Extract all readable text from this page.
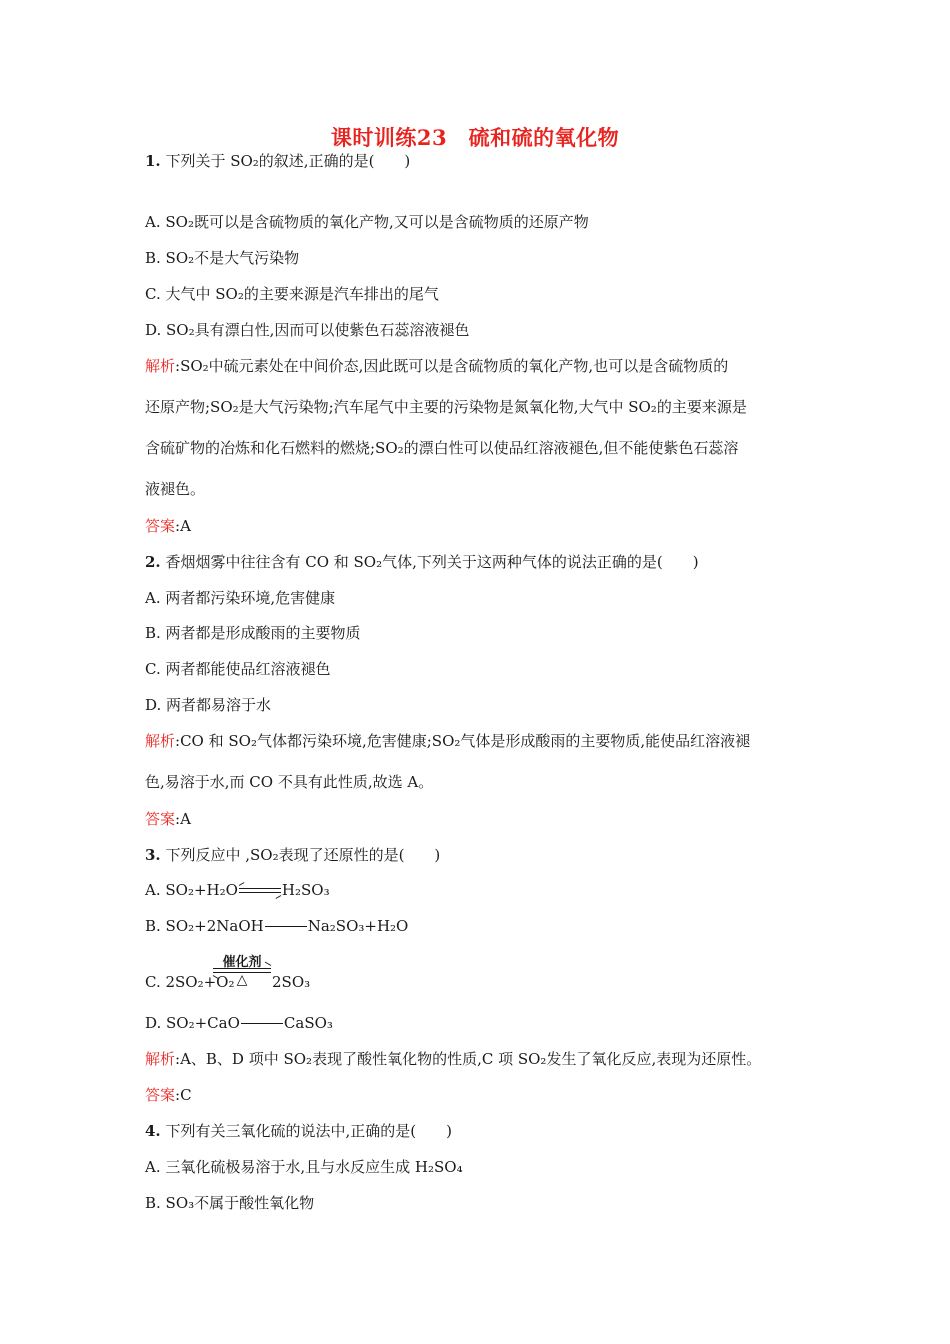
课时训练23　硫和硫的氧化物
1. 下列关于 SO₂的叙述,正确的是(　　)
A. SO₂既可以是含硫物质的氧化产物,又可以是含硫物质的还原产物
B. SO₂不是大气污染物
C. 大气中 SO₂的主要来源是汽车排出的尾气
D. SO₂具有漂白性,因而可以使紫色石蕊溶液褪色
解析:SO₂中硫元素处在中间价态,因此既可以是含硫物质的氧化产物,也可以是含硫物质的
还原产物;SO₂是大气污染物;汽车尾气中主要的污染物是氮氧化物,大气中 SO₂的主要来源是
含硫矿物的冶炼和化石燃料的燃烧;SO₂的漂白性可以使品红溶液褪色,但不能使紫色石蕊溶
液褪色。
答案:A
2. 香烟烟雾中往往含有 CO 和 SO₂气体,下列关于这两种气体的说法正确的是(　　)
A. 两者都污染环境,危害健康
B. 两者都是形成酸雨的主要物质
C. 两者都能使品红溶液褪色
D. 两者都易溶于水
解析:CO 和 SO₂气体都污染环境,危害健康;SO₂气体是形成酸雨的主要物质,能使品红溶液褪
色,易溶于水,而 CO 不具有此性质,故选 A。
答案:A
3. 下列反应中 ,SO₂表现了还原性的是(　　)
A. SO₂+H₂O⇌H₂SO₃
B. SO₂+2NaOH	Na₂SO₃+H₂O
C. 2SO₂+O₂
催化剂
△	2SO₃
D. SO₂+CaO	CaSO₃
解析:A、B、D 项中 SO₂表现了酸性氧化物的性质,C 项 SO₂发生了氧化反应,表现为还原性。
答案:C
4. 下列有关三氧化硫的说法中,正确的是(　　)
A. 三氧化硫极易溶于水,且与水反应生成 H₂SO₄
B. SO₃不属于酸性氧化物
